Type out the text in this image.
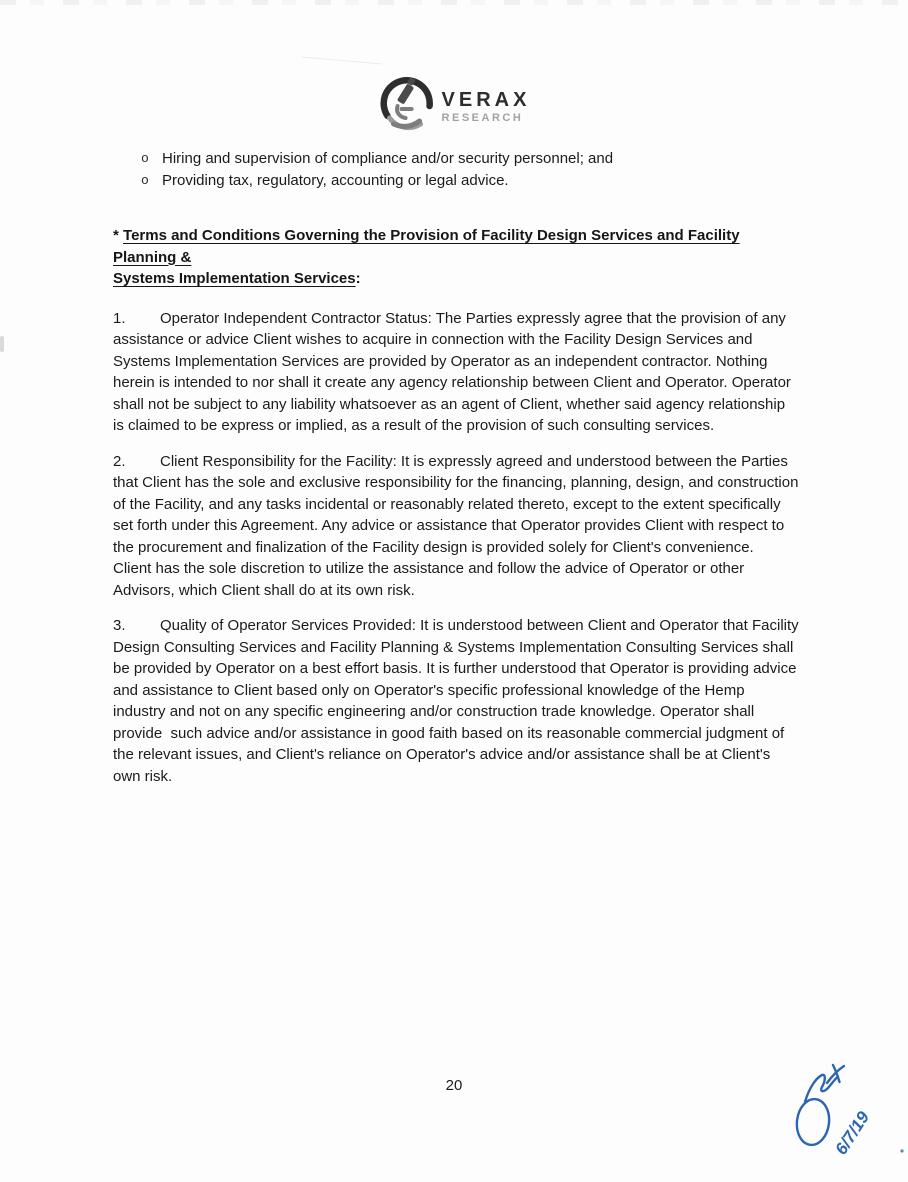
VERAX
RESEARCH
o Hiring and supervision of compliance and/or security personnel; and
o Providing tax, regulatory, accounting or legal advice.

* Terms and Conditions Governing the Provision of Facility Design Services and Facility Planning &
Systems Implementation Services:

1. Operator Independent Contractor Status: The Parties expressly agree that the provision of any assistance or advice Client wishes to acquire in connection with the Facility Design Services and Systems Implementation Services are provided by Operator as an independent contractor. Nothing herein is intended to nor shall it create any agency relationship between Client and Operator. Operator shall not be subject to any liability whatsoever as an agent of Client, whether said agency relationship is claimed to be express or implied, as a result of the provision of such consulting services.

2. Client Responsibility for the Facility: It is expressly agreed and understood between the Parties that Client has the sole and exclusive responsibility for the financing, planning, design, and construction of the Facility, and any tasks incidental or reasonably related thereto, except to the extent specifically set forth under this Agreement. Any advice or assistance that Operator provides Client with respect to the procurement and finalization of the Facility design is provided solely for Client's convenience.  Client has the sole discretion to utilize the assistance and follow the advice of Operator or other Advisors, which Client shall do at its own risk.

3. Quality of Operator Services Provided: It is understood between Client and Operator that Facility Design Consulting Services and Facility Planning & Systems Implementation Consulting Services shall be provided by Operator on a best effort basis. It is further understood that Operator is providing advice and assistance to Client based only on Operator's specific professional knowledge of the Hemp industry and not on any specific engineering and/or construction trade knowledge. Operator shall provide  such advice and/or assistance in good faith based on its reasonable commercial judgment of the relevant issues, and Client's reliance on Operator's advice and/or assistance shall be at Client's own risk.

20
6/7/19
